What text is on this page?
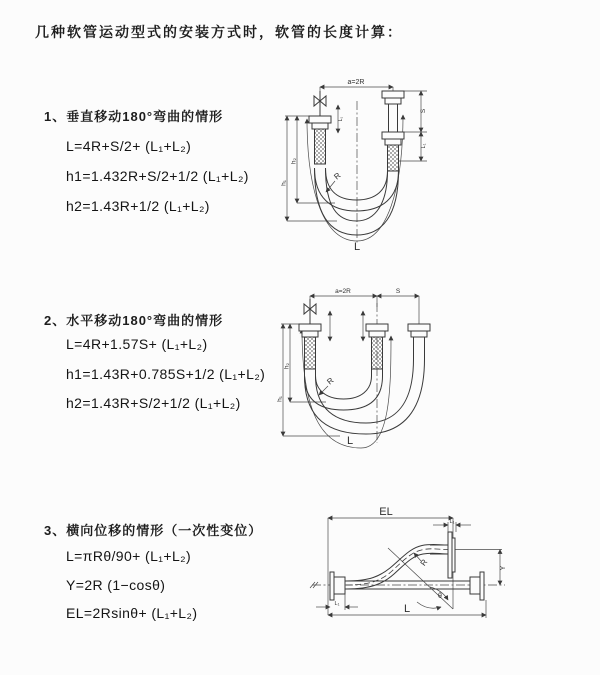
几种软管运动型式的安装方式时，软管的长度计算：
1、垂直移动180°弯曲的情形
L=4R+S/2+ (L₁+L₂)
h1=1.432R+S/2+1/2 (L₁+L₂)
h2=1.43R+1/2 (L₁+L₂)
2、水平移动180°弯曲的情形
L=4R+1.57S+ (L₁+L₂)
h1=1.43R+0.785S+1/2 (L₁+L₂)
h2=1.43R+S/2+1/2 (L₁+L₂)
3、横向位移的情形（一次性变位）
L=πRθ/90+ (L₁+L₂)
Y=2R (1−cosθ)
EL=2Rsinθ+ (L₁+L₂)
a=2R
S
L₁
L₁
h₁
h₂
R
L
a=2R	S
h₁
h₂
R
L
EL
L₁
Y
R
θ
L
L₁
